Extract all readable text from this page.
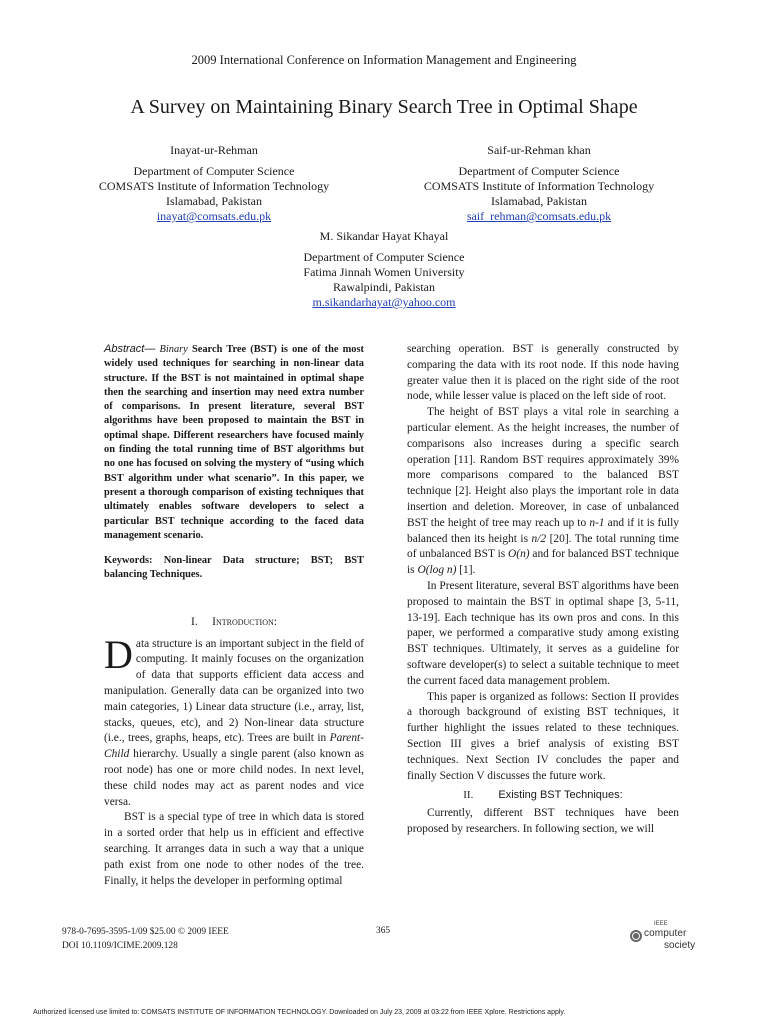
2009 International Conference on Information Management and Engineering
A Survey on Maintaining Binary Search Tree in Optimal Shape
Inayat-ur-Rehman
Department of Computer Science
COMSATS Institute of Information Technology
Islamabad, Pakistan
inayat@comsats.edu.pk
Saif-ur-Rehman khan
Department of Computer Science
COMSATS Institute of Information Technology
Islamabad, Pakistan
saif_rehman@comsats.edu.pk
M. Sikandar Hayat Khayal
Department of Computer Science
Fatima Jinnah Women University
Rawalpindi, Pakistan
m.sikandarhayat@yahoo.com

Abstract— Binary Search Tree (BST) is one of the most widely used techniques for searching in non-linear data structure. If the BST is not maintained in optimal shape then the searching and insertion may need extra number of comparisons. In present literature, several BST algorithms have been proposed to maintain the BST in optimal shape. Different researchers have focused mainly on finding the total running time of BST algorithms but no one has focused on solving the mystery of “using which BST algorithm under what scenario”. In this paper, we present a thorough comparison of existing techniques that ultimately enables software developers to select a particular BST technique according to the faced data management scenario.

Keywords: Non-linear Data structure; BST; BST balancing Techniques.

I. Introduction:

Data structure is an important subject in the field of computing. It mainly focuses on the organization of data that supports efficient data access and manipulation. Generally data can be organized into two main categories, 1) Linear data structure (i.e., array, list, stacks, queues, etc), and 2) Non-linear data structure (i.e., trees, graphs, heaps, etc). Trees are built in Parent-Child hierarchy. Usually a single parent (also known as root node) has one or more child nodes. In next level, these child nodes may act as parent nodes and vice versa.

BST is a special type of tree in which data is stored in a sorted order that help us in efficient and effective searching. It arranges data in such a way that a unique path exist from one node to other nodes of the tree. Finally, it helps the developer in performing optimal

searching operation. BST is generally constructed by comparing the data with its root node. If this node having greater value then it is placed on the right side of the root node, while lesser value is placed on the left side of root.

The height of BST plays a vital role in searching a particular element. As the height increases, the number of comparisons also increases during a specific search operation [11]. Random BST requires approximately 39% more comparisons compared to the balanced BST technique [2]. Height also plays the important role in data insertion and deletion. Moreover, in case of unbalanced BST the height of tree may reach up to n-1 and if it is fully balanced then its height is n/2 [20]. The total running time of unbalanced BST is O(n) and for balanced BST technique is O(log n) [1].

In Present literature, several BST algorithms have been proposed to maintain the BST in optimal shape [3, 5-11, 13-19]. Each technique has its own pros and cons. In this paper, we performed a comparative study among existing BST techniques. Ultimately, it serves as a guideline for software developer(s) to select a suitable technique to meet the current faced data management problem.

This paper is organized as follows: Section II provides a thorough background of existing BST techniques, it further highlight the issues related to these techniques. Section III gives a brief analysis of existing BST techniques. Next Section IV concludes the paper and finally Section V discusses the future work.

II. Existing BST Techniques:

Currently, different BST techniques have been proposed by researchers. In following section, we will

978-0-7695-3595-1/09 $25.00 © 2009 IEEE
DOI 10.1109/ICIME.2009.128
365
IEEE
computer
society
Authorized licensed use limited to: COMSATS INSTITUTE OF INFORMATION TECHNOLOGY. Downloaded on July 23, 2009 at 03:22 from IEEE Xplore. Restrictions apply.
